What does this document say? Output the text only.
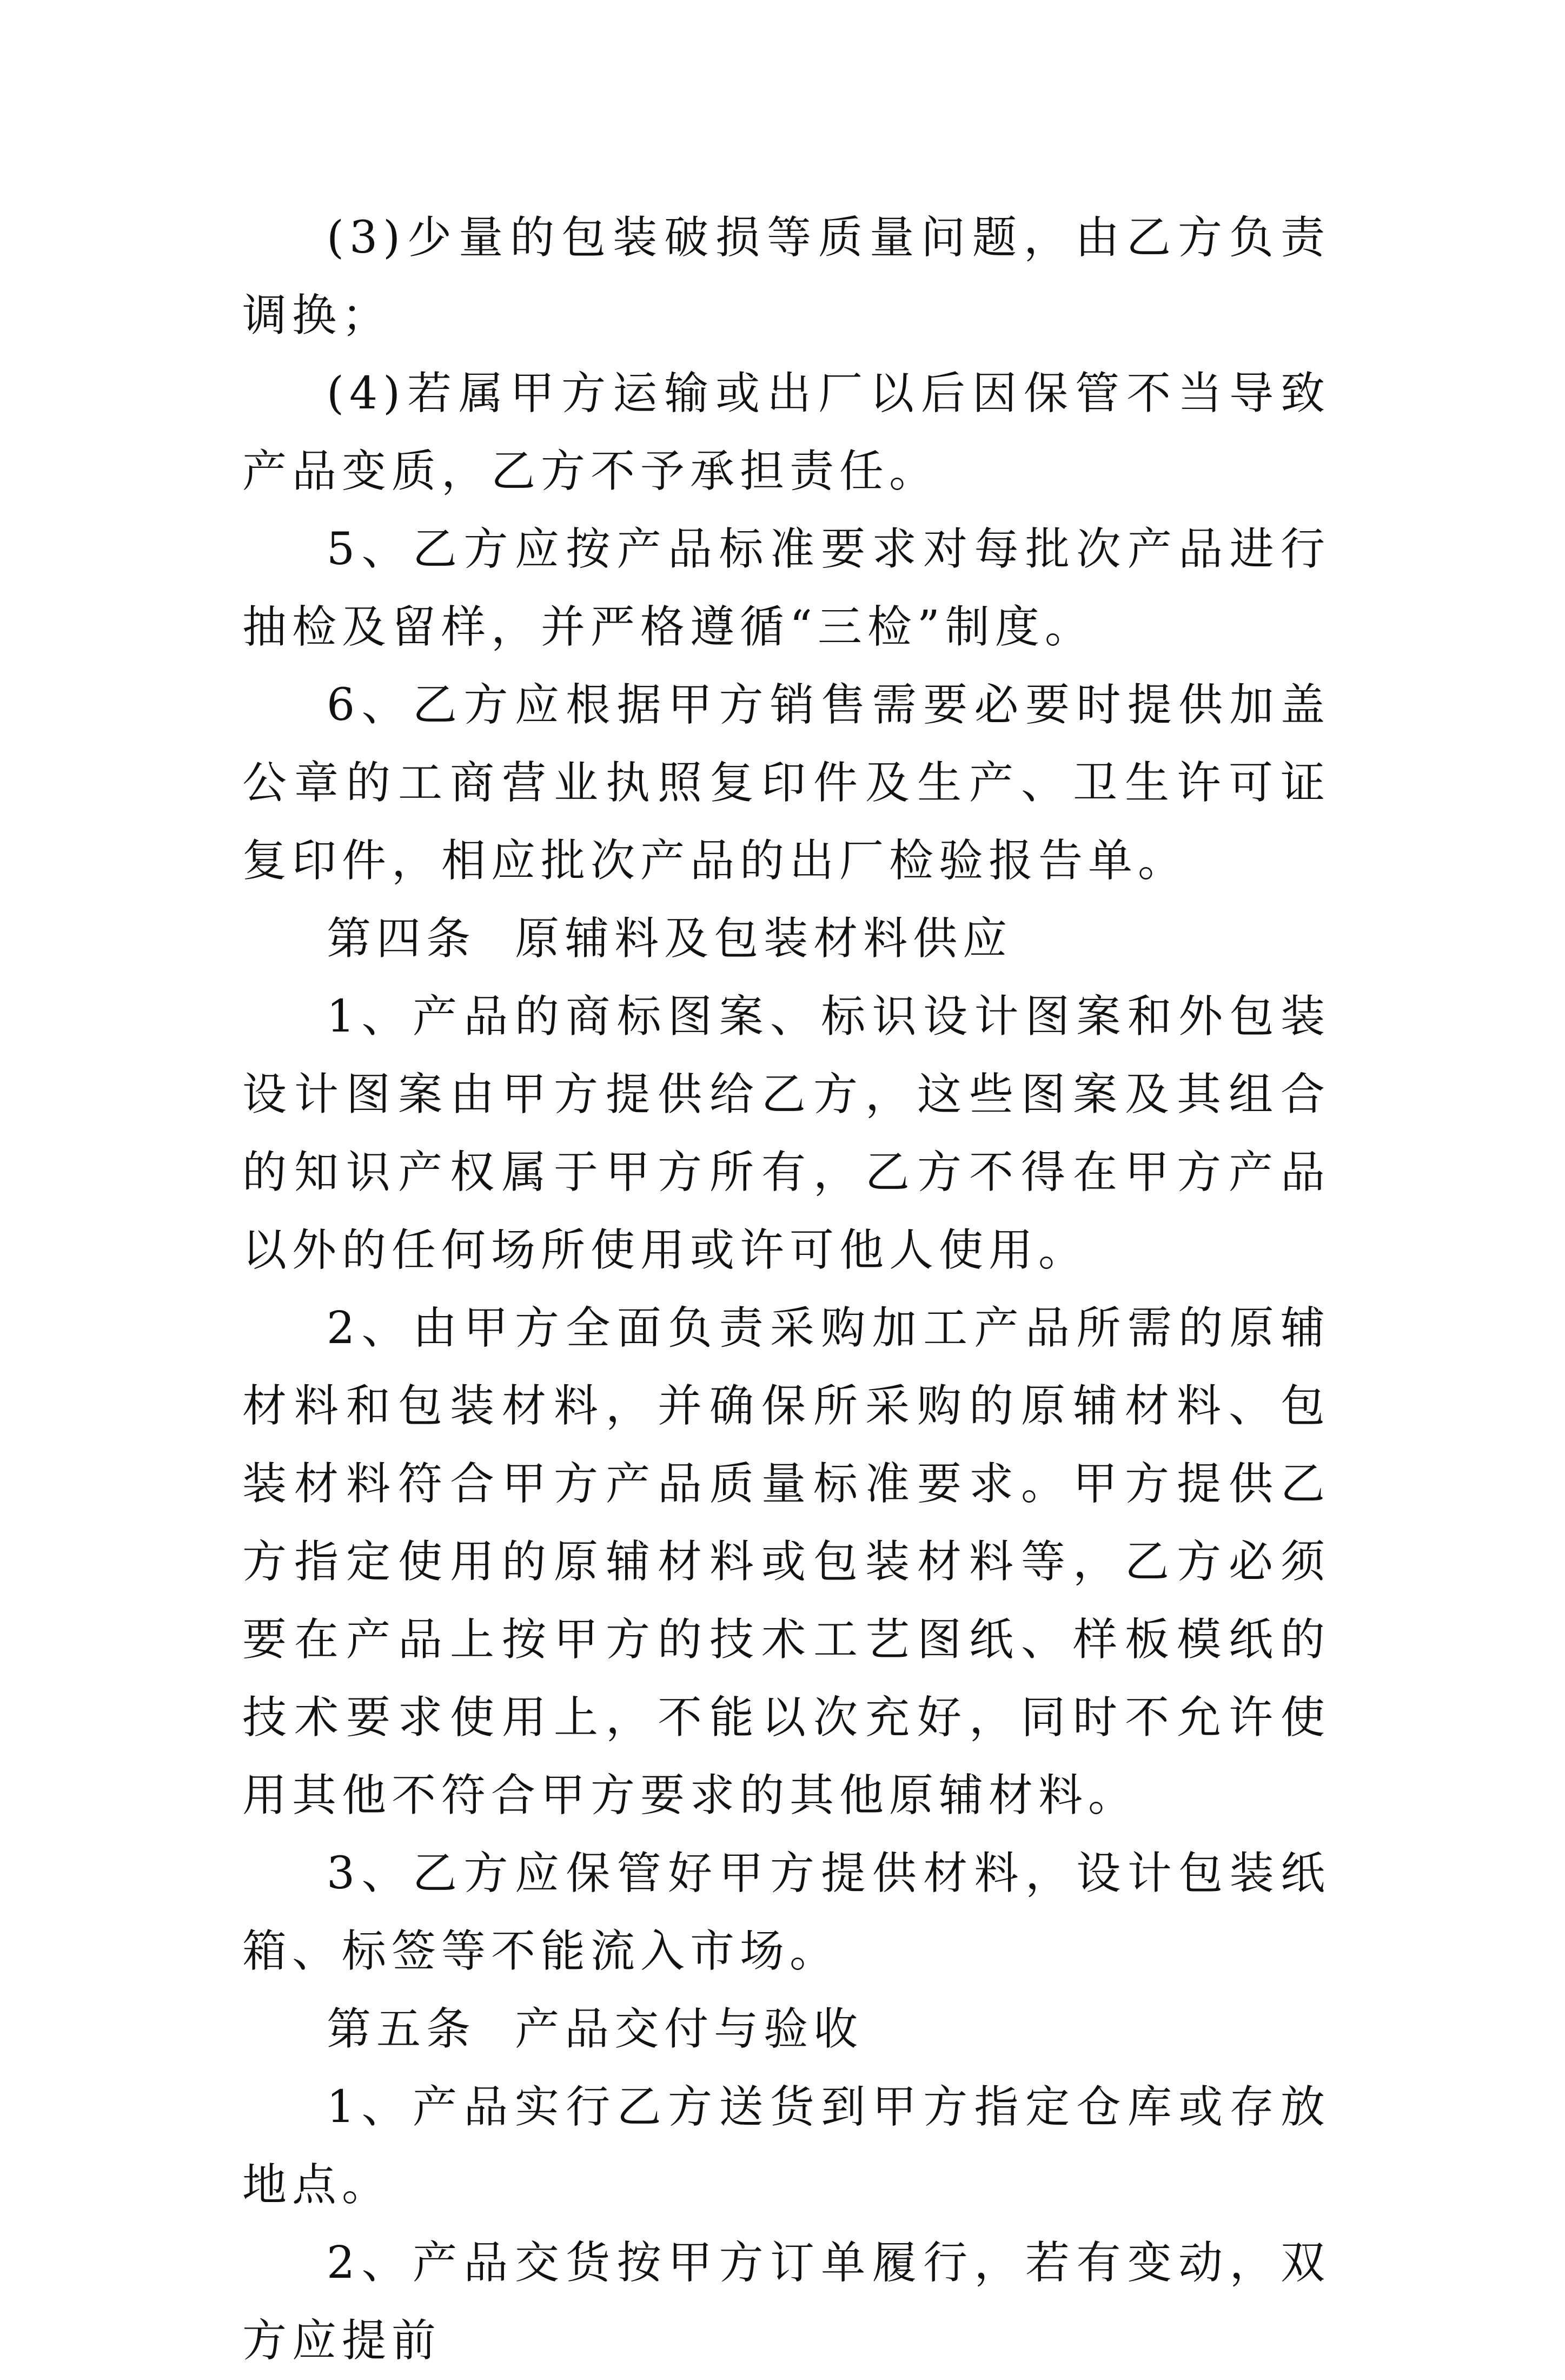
(3)少量的包装破损等质量问题，由乙方负责调换；

(4)若属甲方运输或出厂以后因保管不当导致产品变质，乙方不予承担责任。

5、乙方应按产品标准要求对每批次产品进行抽检及留样，并严格遵循“三检”制度。

6、乙方应根据甲方销售需要必要时提供加盖公章的工商营业执照复印件及生产、卫生许可证复印件，相应批次产品的出厂检验报告单。

第四条  原辅料及包装材料供应

1、产品的商标图案、标识设计图案和外包装设计图案由甲方提供给乙方，这些图案及其组合的知识产权属于甲方所有，乙方不得在甲方产品以外的任何场所使用或许可他人使用。

2、由甲方全面负责采购加工产品所需的原辅材料和包装材料，并确保所采购的原辅材料、包装材料符合甲方产品质量标准要求。甲方提供乙方指定使用的原辅材料或包装材料等，乙方必须要在产品上按甲方的技术工艺图纸、样板模纸的技术要求使用上，不能以次充好，同时不允许使用其他不符合甲方要求的其他原辅材料。

3、乙方应保管好甲方提供材料，设计包装纸箱、标签等不能流入市场。

第五条  产品交付与验收

1、产品实行乙方送货到甲方指定仓库或存放地点。

2、产品交货按甲方订单履行，若有变动，双方应提前
